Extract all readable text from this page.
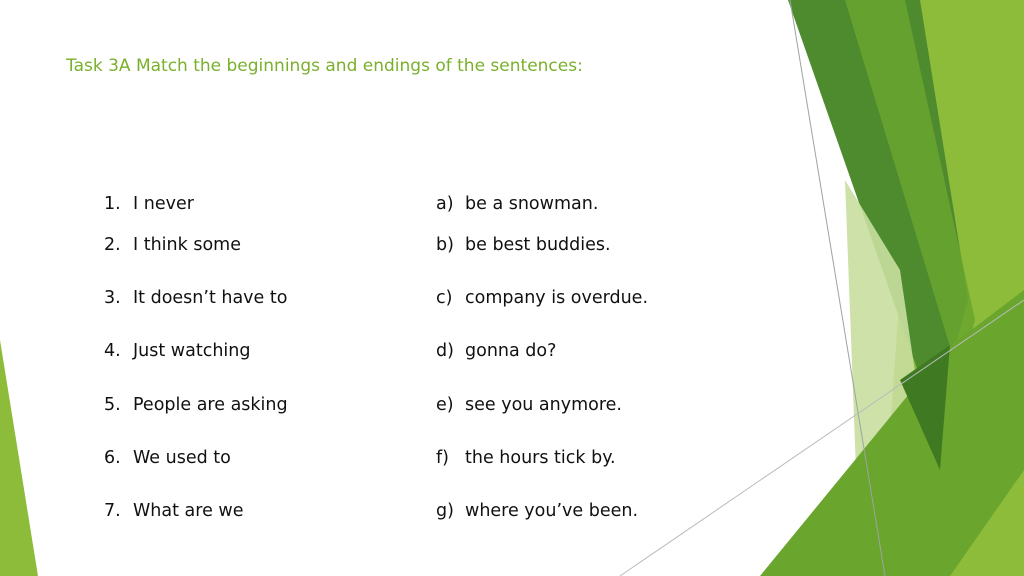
Task 3A Match the beginnings and endings of the sentences:
1. I never
2. I think some
3. It doesn’t have to
4. Just watching
5. People are asking
6. We used to
7. What are we
a) be a snowman.
b) be best buddies.
c) company is overdue.
d) gonna do?
e) see you anymore.
f) the hours tick by.
g) where you’ve been.
